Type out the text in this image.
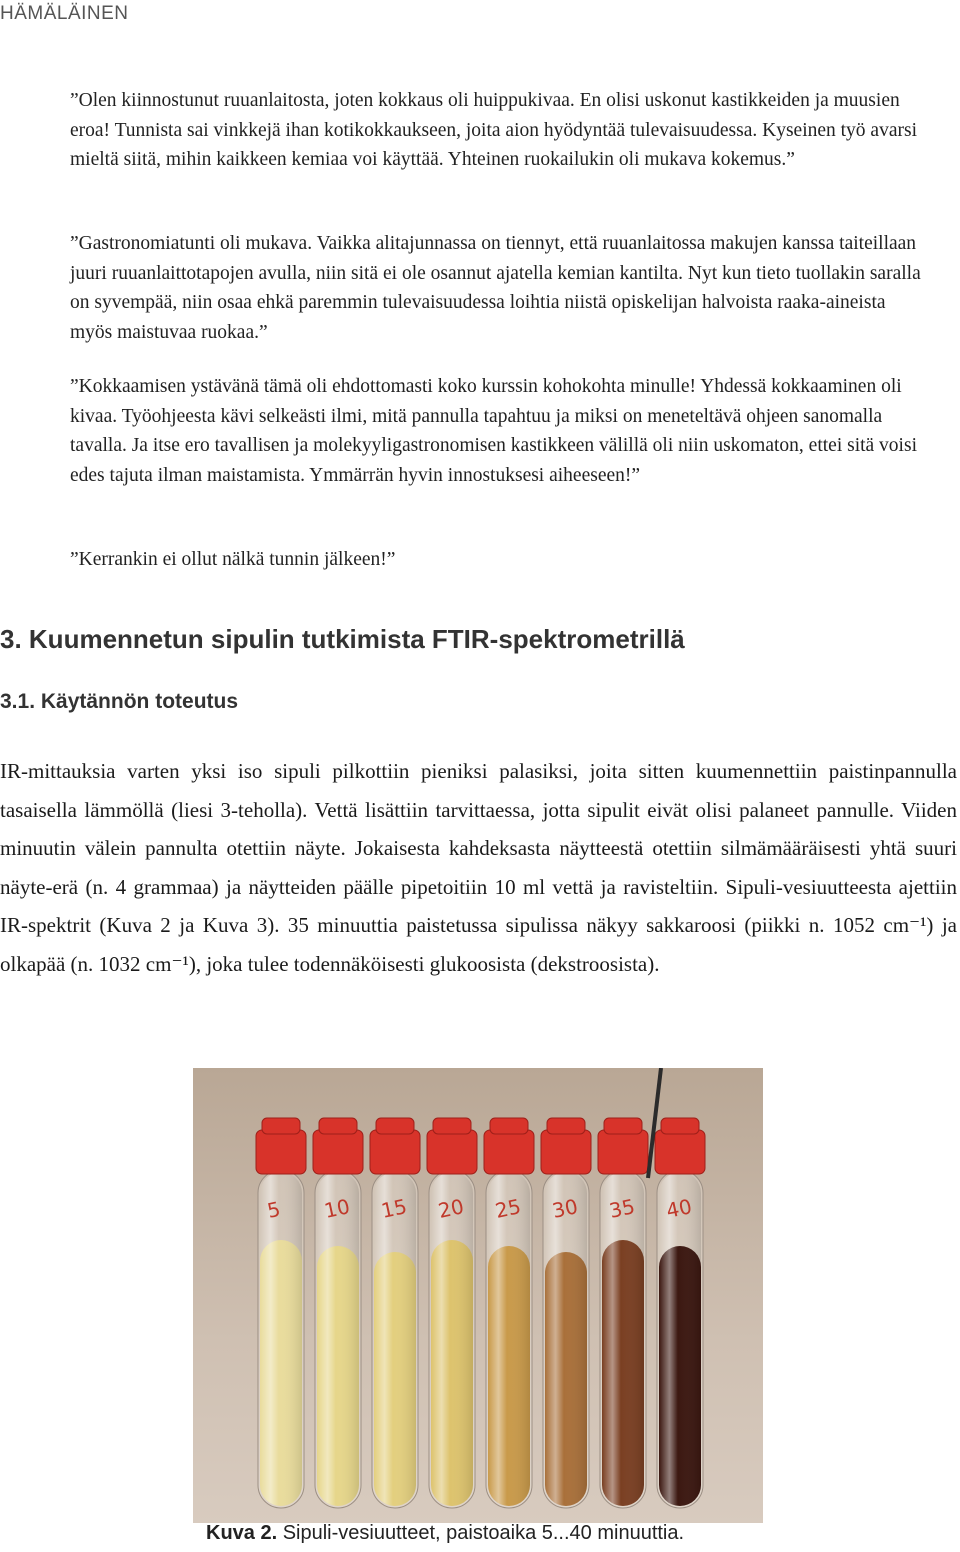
HÄMÄLÄINEN
”Olen kiinnostunut ruuanlaitosta, joten kokkaus oli huippukivaa. En olisi uskonut kastikkeiden ja muusien eroa! Tunnista sai vinkkejä ihan kotikokkaukseen, joita aion hyödyntää tulevaisuudessa. Kyseinen työ avarsi mieltä siitä, mihin kaikkeen kemiaa voi käyttää. Yhteinen ruokailukin oli mukava kokemus.”
”Gastronomiatunti oli mukava. Vaikka alitajunnassa on tiennyt, että ruuanlaitossa makujen kanssa taiteillaan juuri ruuanlaittotapojen avulla, niin sitä ei ole osannut ajatella kemian kantilta. Nyt kun tieto tuollakin saralla on syvempää, niin osaa ehkä paremmin tulevaisuudessa loihtia niistä opiskelijan halvoista raaka-aineista myös maistuvaa ruokaa.”
”Kokkaamisen ystävänä tämä oli ehdottomasti koko kurssin kohokohta minulle! Yhdessä kokkaaminen oli kivaa. Työohjeesta kävi selkeästi ilmi, mitä pannulla tapahtuu ja miksi on meneteltävä ohjeen sanomalla tavalla. Ja itse ero tavallisen ja molekyyligastronomisen kastikkeen välillä oli niin uskomaton, ettei sitä voisi edes tajuta ilman maistamista. Ymmärrän hyvin innostuksesi aiheeseen!”
”Kerrankin ei ollut nälkä tunnin jälkeen!”
3. Kuumennetun sipulin tutkimista FTIR-spektrometrillä
3.1. Käytännön toteutus
IR-mittauksia varten yksi iso sipuli pilkottiin pieniksi palasiksi, joita sitten kuumennettiin paistinpannulla tasaisella lämmöllä (liesi 3-teholla). Vettä lisättiin tarvittaessa, jotta sipulit eivät olisi palaneet pannulle. Viiden minuutin välein pannulta otettiin näyte. Jokaisesta kahdeksasta näytteestä otettiin silmämääräisesti yhtä suuri näyte-erä (n. 4 grammaa) ja näytteiden päälle pipetoitiin 10 ml vettä ja ravisteltiin. Sipuli-vesiuutteesta ajettiin IR-spektrit (Kuva 2 ja Kuva 3). 35 minuuttia paistetussa sipulissa näkyy sakkaroosi (piikki n. 1052 cm⁻¹) ja olkapää (n. 1032 cm⁻¹), joka tulee todennäköisesti glukoosista (dekstroosista).
5 10 15 20 25 30 35 40
Kuva 2. Sipuli-vesiuutteet, paistoaika 5...40 minuuttia.
